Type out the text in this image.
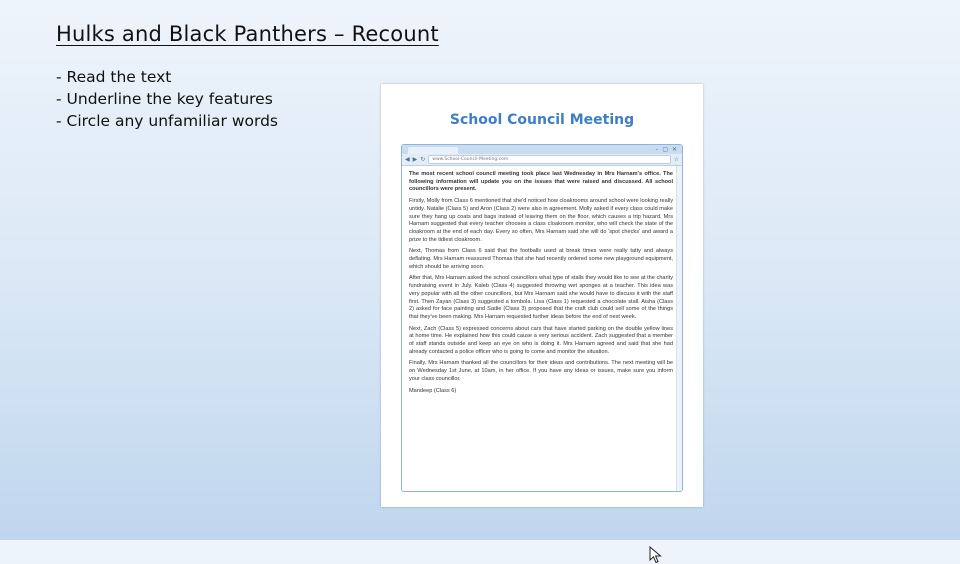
Hulks and Black Panthers – Recount
- Read the text
- Underline the key features
- Circle any unfamiliar words	School Council Meeting
– ▢ ✕
◀ ▶ ↻	www.School-Council-Meeting.com	☆

The most recent school council meeting took place last Wednesday in Mrs Harnam's office. The following information will update you on the issues that were raised and discussed. All school councillors were present.

Firstly, Molly from Class 6 mentioned that she'd noticed how cloakrooms around school were looking really untidy. Natalie (Class 5) and Aron (Class 2) were also in agreement. Molly asked if every class could make sure they hang up coats and bags instead of leaving them on the floor, which causes a trip hazard. Mrs Harnam suggested that every teacher chooses a class cloakroom monitor, who will check the state of the cloakroom at the end of each day. Every so often, Mrs Harnam said she will do 'spot checks' and award a prize to the tidiest cloakroom.

Next, Thomas from Class 6 said that the footballs used at break times were really tatty and always deflating. Mrs Harnam reassured Thomas that she had recently ordered some new playground equipment, which should be arriving soon.

After that, Mrs Harnam asked the school councillors what type of stalls they would like to see at the charity fundraising event in July. Kaleb (Class 4) suggested throwing wet sponges at a teacher. This idea was very popular with all the other councillors, but Mrs Harnam said she would have to discuss it with the staff first. Then Zayan (Class 3) suggested a tombola. Lisa (Class 1) requested a chocolate stall. Aisha (Class 2) asked for face painting and Sadie (Class 3) proposed that the craft club could sell some of the things that they've been making. Mrs Harnam requested further ideas before the end of next week.

Next, Zach (Class 5) expressed concerns about cars that have started parking on the double yellow lines at home time. He explained how this could cause a very serious accident. Zach suggested that a member of staff stands outside and keep an eye on who is doing it. Mrs Harnam agreed and said that she had already contacted a police officer who is going to come and monitor the situation.

Finally, Mrs Harnam thanked all the councillors for their ideas and contributions. The next meeting will be on Wednesday 1st June, at 10am, in her office. If you have any ideas or issues, make sure you inform your class councillor.

Mandeep (Class 6)
